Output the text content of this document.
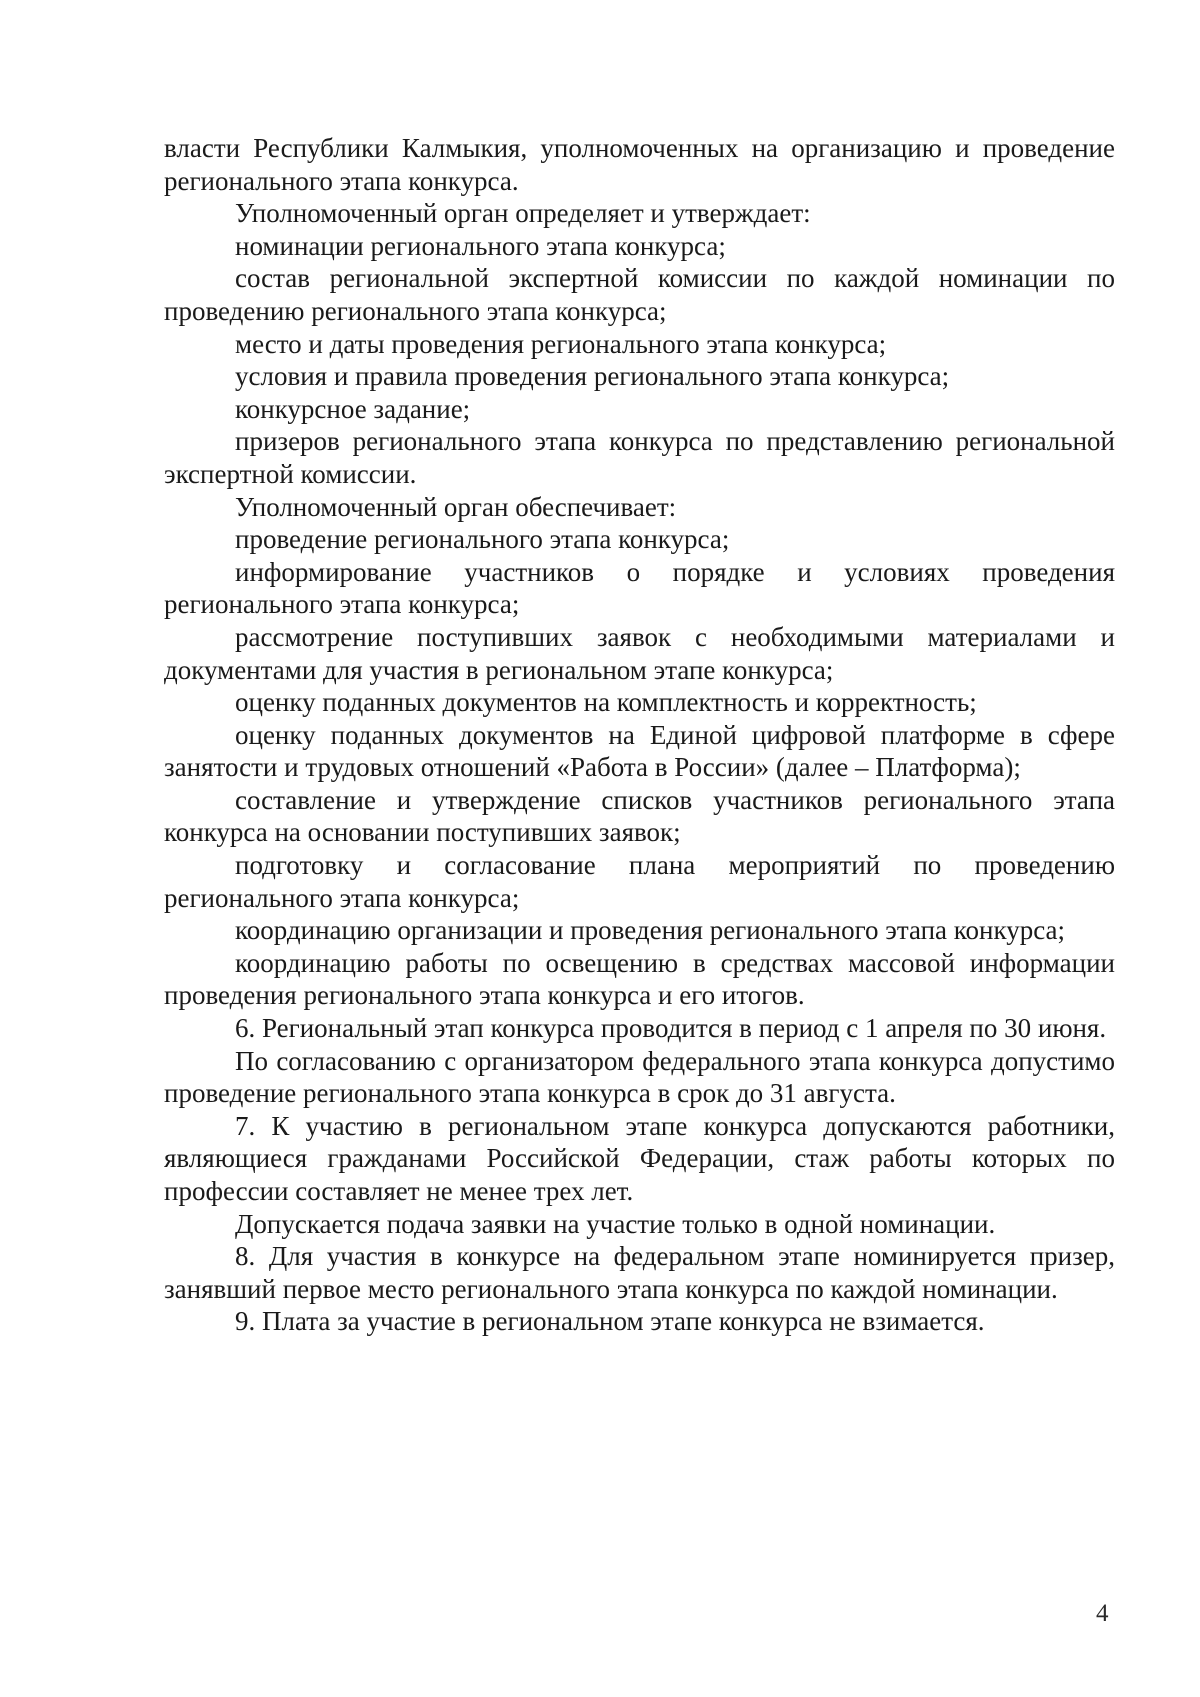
власти Республики Калмыкия, уполномоченных на организацию и проведение регионального этапа конкурса.

Уполномоченный орган определяет и утверждает:

номинации регионального этапа конкурса;

состав региональной экспертной комиссии по каждой номинации по проведению регионального этапа конкурса;

место и даты проведения регионального этапа конкурса;

условия и правила проведения регионального этапа конкурса;

конкурсное задание;

призеров регионального этапа конкурса по представлению региональной экспертной комиссии.

Уполномоченный орган обеспечивает:

проведение регионального этапа конкурса;

информирование участников о порядке и условиях проведения регионального этапа конкурса;

рассмотрение поступивших заявок с необходимыми материалами и документами для участия в региональном этапе конкурса;

оценку поданных документов на комплектность и корректность;

оценку поданных документов на Единой цифровой платформе в сфере занятости и трудовых отношений «Работа в России» (далее – Платформа);

составление и утверждение списков участников регионального этапа конкурса на основании поступивших заявок;

подготовку и согласование плана мероприятий по проведению регионального этапа конкурса;

координацию организации и проведения регионального этапа конкурса;

координацию работы по освещению в средствах массовой информации проведения регионального этапа конкурса и его итогов.

6. Региональный этап конкурса проводится в период с 1 апреля по 30 июня.

По согласованию с организатором федерального этапа конкурса допустимо проведение регионального этапа конкурса в срок до 31 августа.

7. К участию в региональном этапе конкурса допускаются работники, являющиеся гражданами Российской Федерации, стаж работы которых по профессии составляет не менее трех лет.

Допускается подача заявки на участие только в одной номинации.

8. Для участия в конкурсе на федеральном этапе номинируется призер, занявший первое место регионального этапа конкурса по каждой номинации.

9. Плата за участие в региональном этапе конкурса не взимается.

4
